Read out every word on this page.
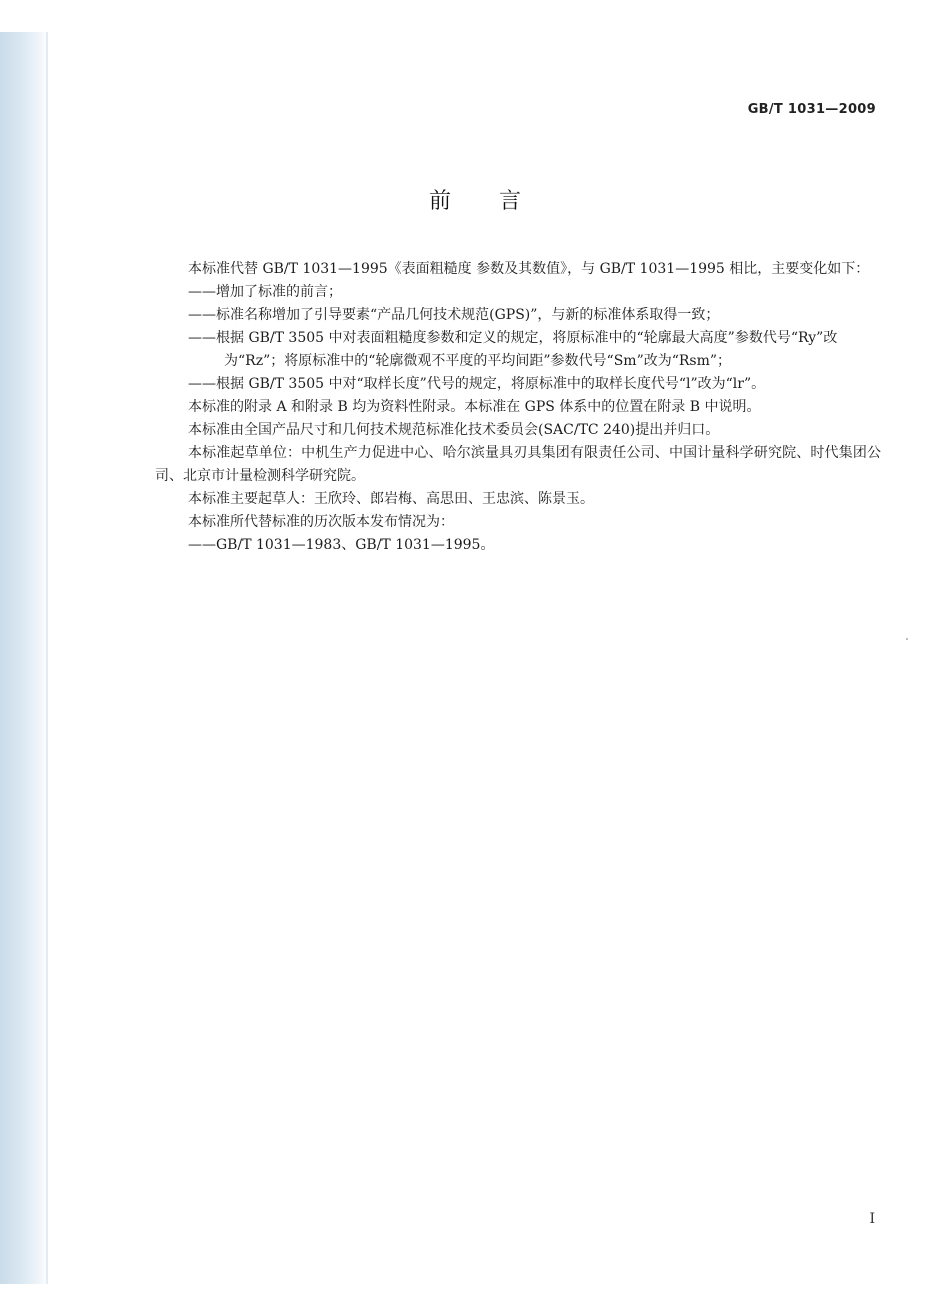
GB/T 1031—2009
前言

本标准代替 GB/T 1031—1995《表面粗糙度 参数及其数值》，与 GB/T 1031—1995 相比，主要变化如下：

——增加了标准的前言；

——标准名称增加了引导要素“产品几何技术规范(GPS)”，与新的标准体系取得一致；

——根据 GB/T 3505 中对表面粗糙度参数和定义的规定，将原标准中的“轮廓最大高度”参数代号“Ry”改为“Rz”；将原标准中的“轮廓微观不平度的平均间距”参数代号“Sm”改为“Rsm”；

——根据 GB/T 3505 中对“取样长度”代号的规定，将原标准中的取样长度代号“l”改为“lr”。

本标准的附录 A 和附录 B 均为资料性附录。本标准在 GPS 体系中的位置在附录 B 中说明。

本标准由全国产品尺寸和几何技术规范标准化技术委员会(SAC/TC 240)提出并归口。

本标准起草单位：中机生产力促进中心、哈尔滨量具刃具集团有限责任公司、中国计量科学研究院、时代集团公司、北京市计量检测科学研究院。

本标准主要起草人：王欣玲、郎岩梅、高思田、王忠滨、陈景玉。

本标准所代替标准的历次版本发布情况为：

——GB/T 1031—1983、GB/T 1031—1995。

I
